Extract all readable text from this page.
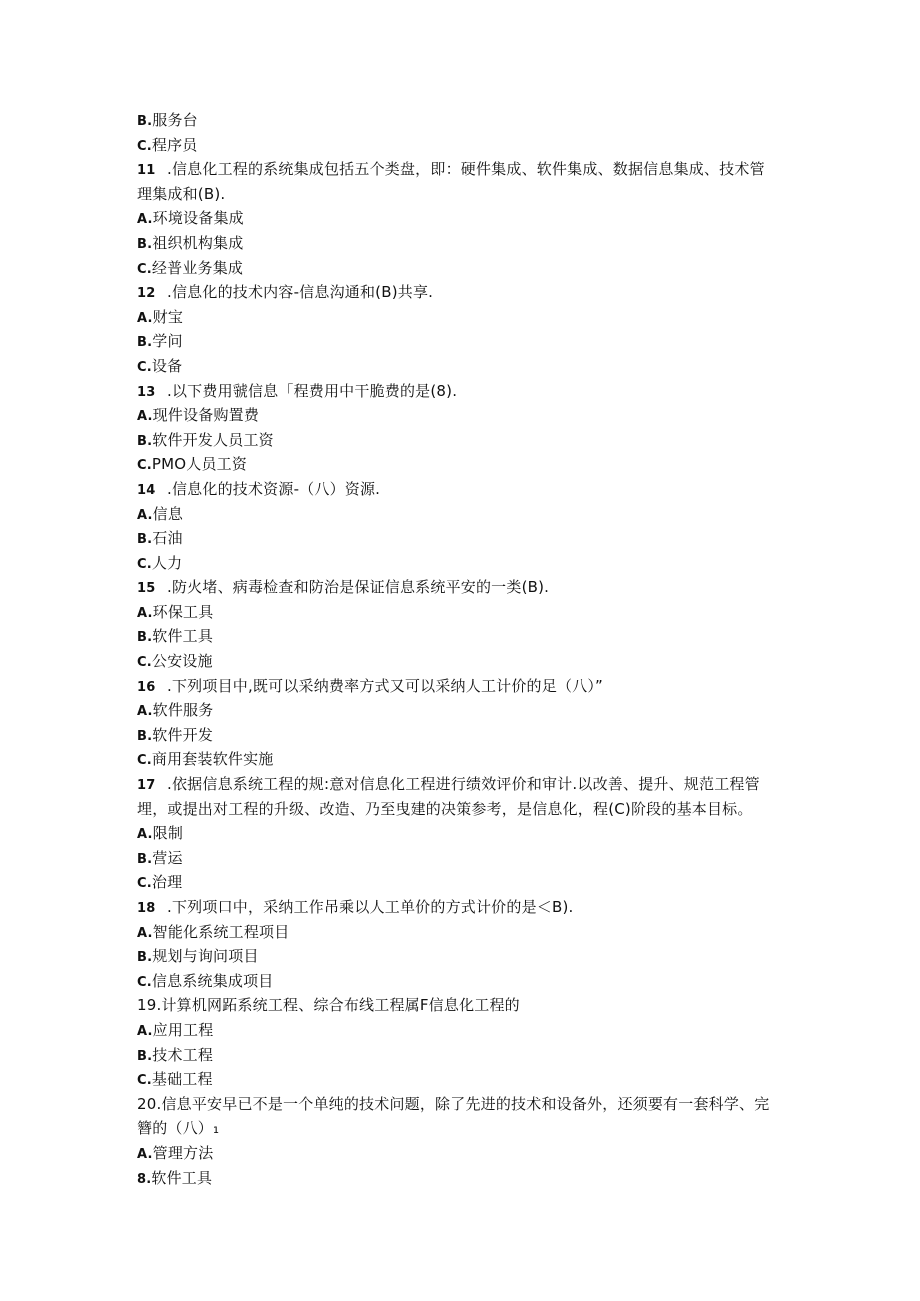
B.服务台
C.程序员
11 .信息化工程的系统集成包括五个类盘，即：硬件集成、软件集成、数据信息集成、技术管
理集成和(B).
A.环境设备集成
B.祖织机构集成
C.经普业务集成
12 .信息化的技术内容-信息沟通和(B)共享.
A.财宝
B.学问
C.设备
13 .以下费用虢信息「程费用中干脆费的是(8).
A.现件设备购置费
B.软件开发人员工资
C.PMO人员工资
14 .信息化的技术资源-（八）资源.
A.信息
B.石油
C.人力
15 .防火堵、病毒检查和防治是保证信息系统平安的一类(B).
A.环保工具
B.软件工具
C.公安设施
16 .下列项目中,既可以采纳费率方式又可以采纳人工计价的足（八）”
A.软件服务
B.软件开发
C.商用套装软件实施
17 .依据信息系统工程的规:意对信息化工程进行绩效评价和审计.以改善、提升、规范工程管
埋，或提出对工程的升级、改造、乃至曳建的决策参考，是信息化，程(C)阶段的基本目标。
A.限制
B.营运
C.治理
18 .下列项口中，采纳工作吊乘以人工单价的方式计价的是＜B).
A.智能化系统工程项目
B.规划与询问项目
C.信息系统集成项目
19.计算机网跖系统工程、综合布线工程属F信息化工程的
A.应用工程
B.技术工程
C.基础工程
20.信息平安早已不是一个单纯的技术问题，除了先进的技术和设备外，还须要有一套科学、完
簪的（八）₁
A.管理方法
8.软件工具
